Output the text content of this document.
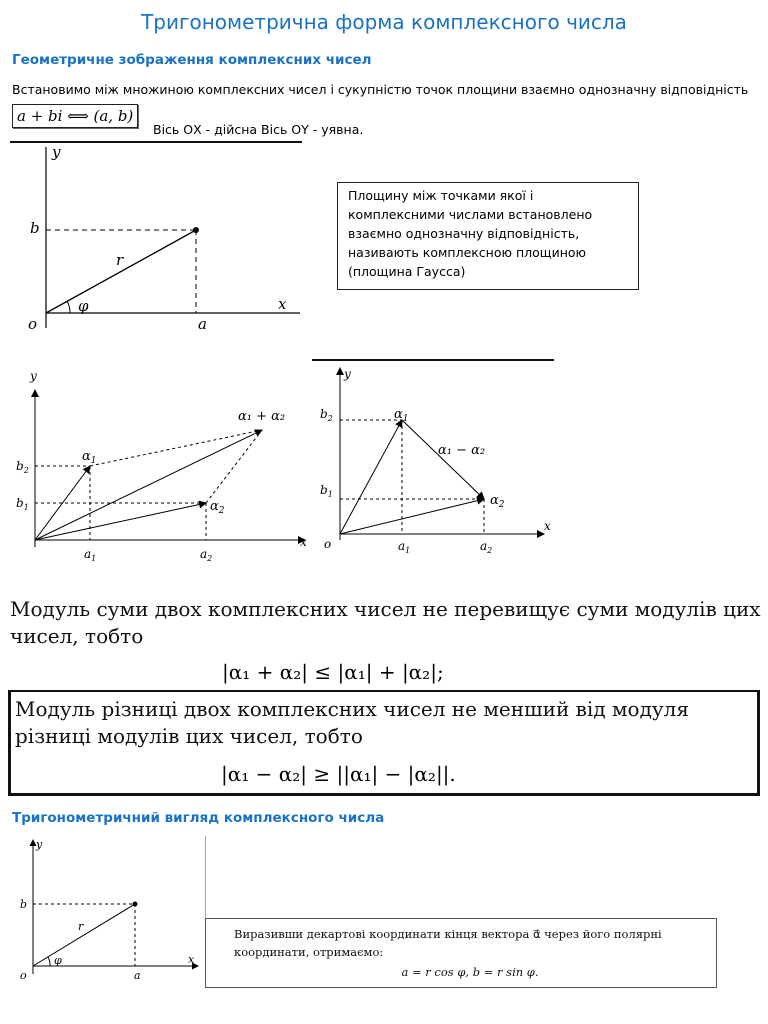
Тригонометрична форма комплексного числа
Геометричне зображення комплексних чисел
Встановимо між множиною комплексних чисел і сукупністю точок площини взаємно однозначну відповідність
a + bi ⟺ (a, b)
Вісь ОХ - дійсна Вісь ОY - уявна.
y
x
o
b
a
r
φ
Площину між точками якої і комплексними числами встановлено взаємно однозначну відповідність, називають комплексною площиною (площина Гаусса)
y
x
$\alpha_1$
$\alpha_2$
α₁ + α₂
$b_2$
$b_1$
$a_1$	$a_2$
y
x
o
$\alpha_1$
$\alpha_2$
α₁ − α₂
$b_2$
$b_1$
$a_1$	$a_2$
Модуль суми двох комплексних чисел не перевищує суми модулів цих чисел, тобто
|α₁ + α₂| ≤ |α₁| + |α₂|;
Модуль різниці двох комплексних чисел не менший від модуля різниці модулів цих чисел, тобто
|α₁ − α₂| ≥ ||α₁| − |α₂||.
Тригонометричний вигляд комплексного числа
y
x
o
b
a
r
φ
Виразивши декартові координати кінця вектора α⃗ через його полярні координати, отримаємо:
a = r cos φ, b = r sin φ.
